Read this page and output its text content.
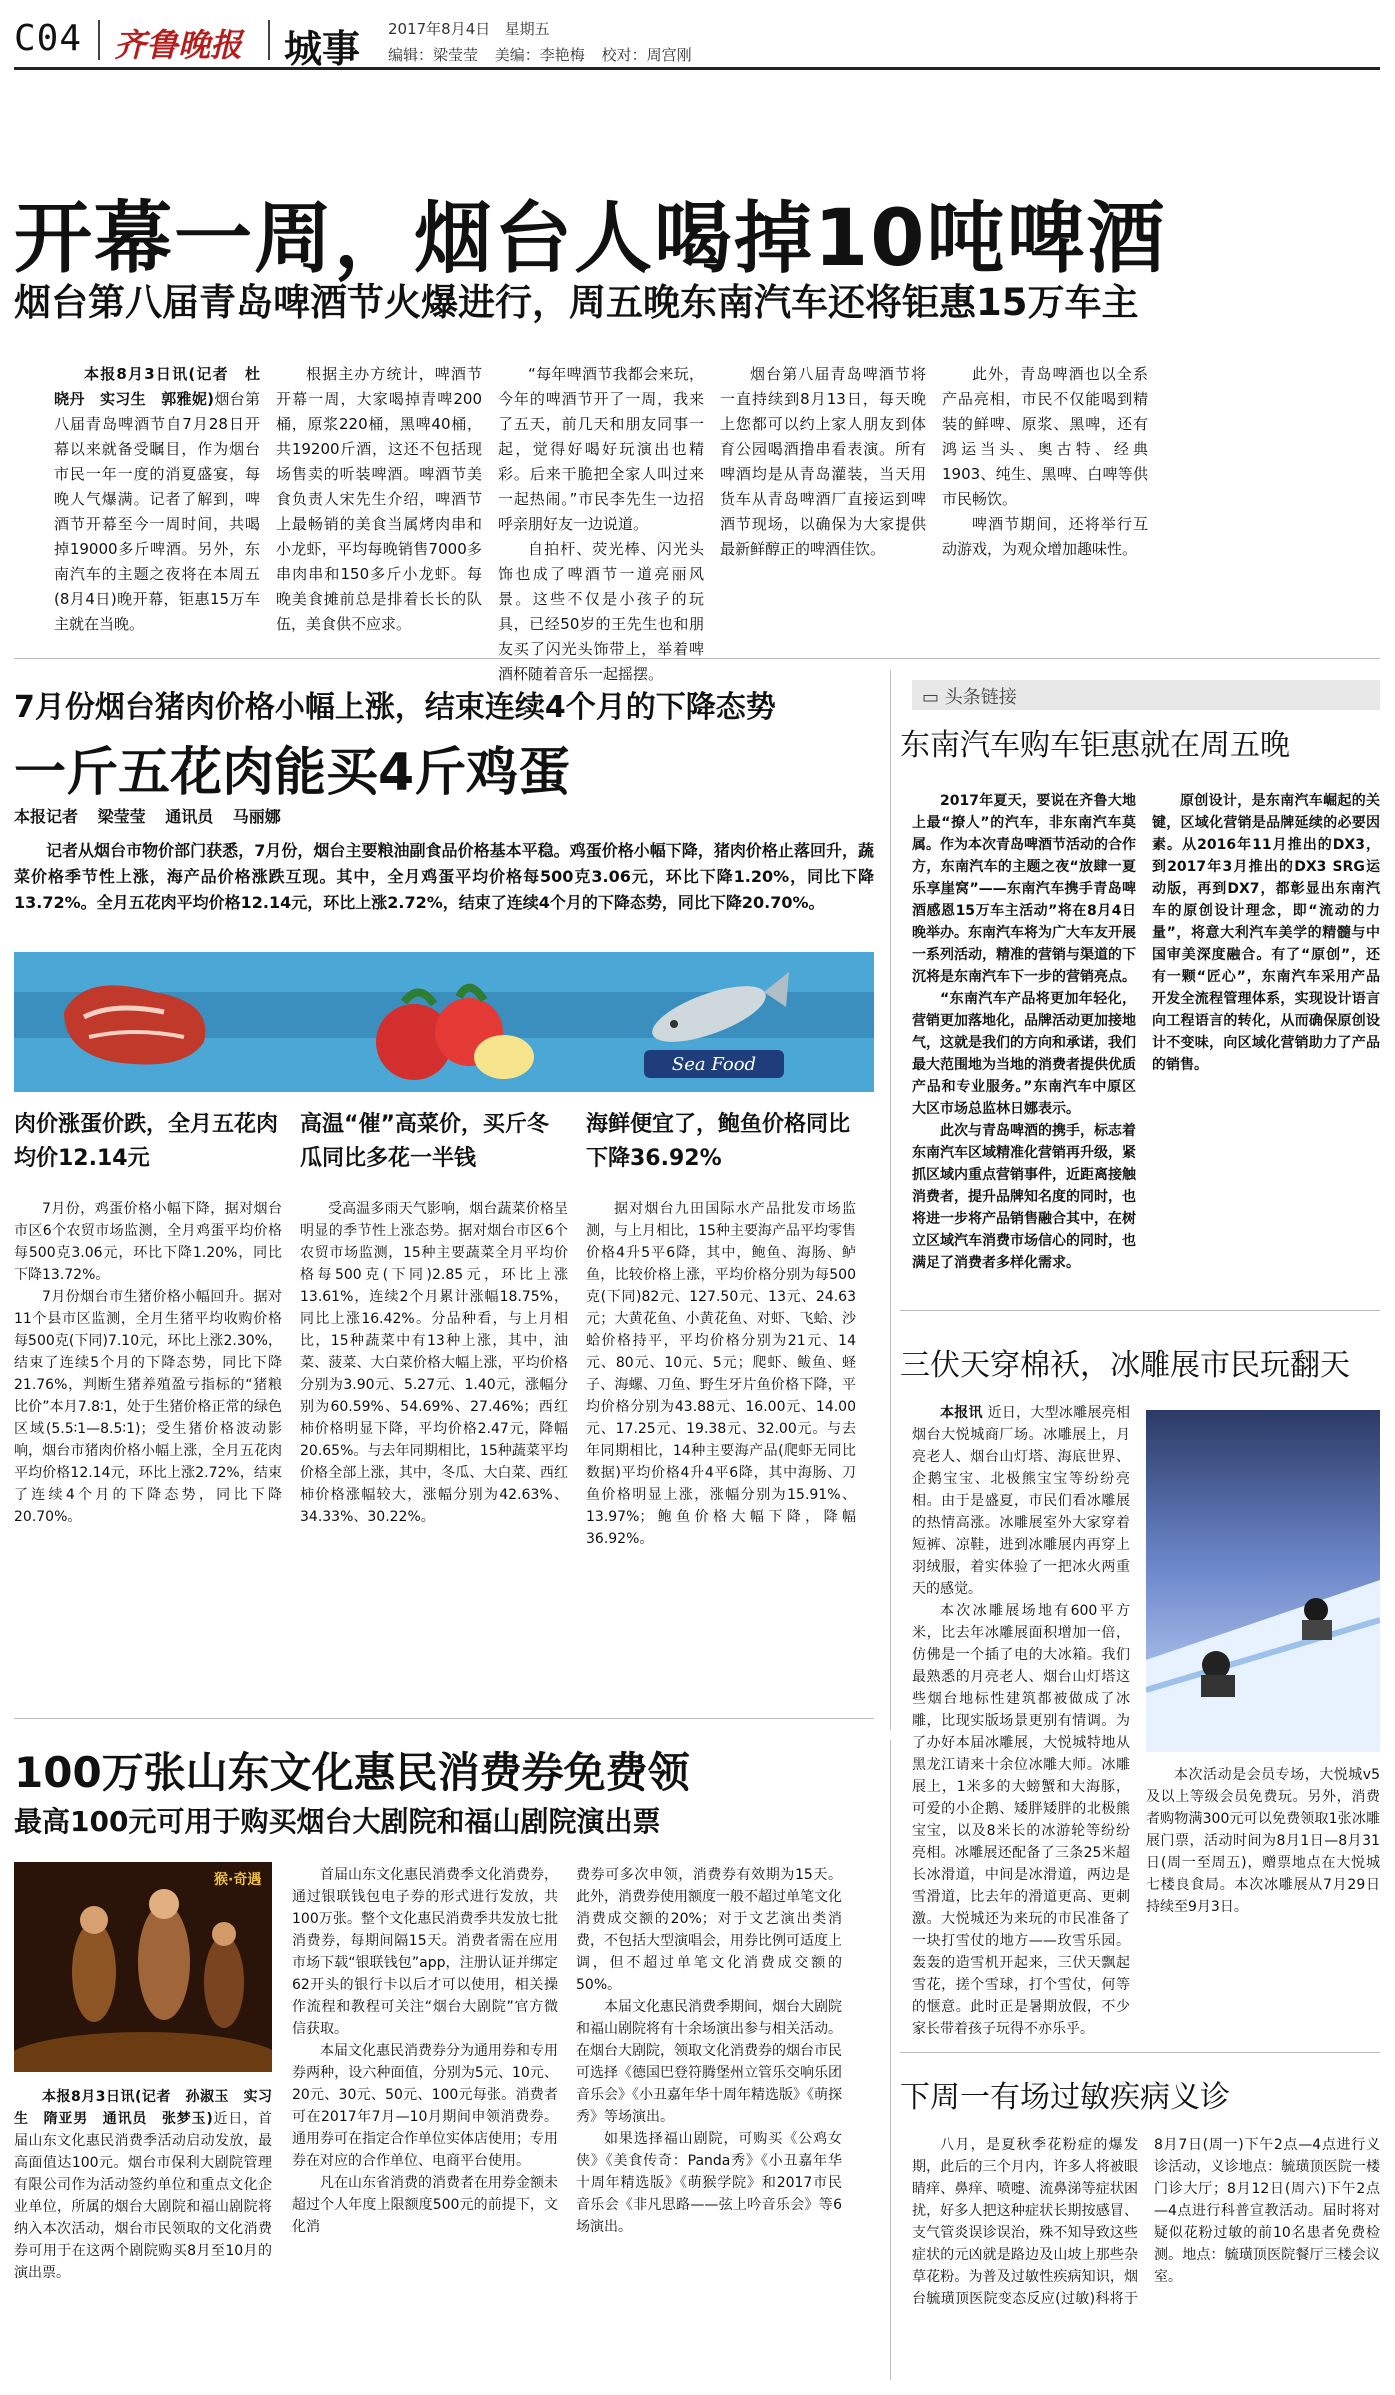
C04 齐鲁晚报 城事 2017年8月4日 星期五
编辑：梁莹莹 美编：李艳梅 校对：周宫刚
开幕一周，烟台人喝掉10吨啤酒
烟台第八届青岛啤酒节火爆进行，周五晚东南汽车还将钜惠15万车主

本报8月3日讯(记者　杜晓丹　实习生　郭雅妮)烟台第八届青岛啤酒节自7月28日开幕以来就备受瞩目，作为烟台市民一年一度的消夏盛宴，每晚人气爆满。记者了解到，啤酒节开幕至今一周时间，共喝掉19000多斤啤酒。另外，东南汽车的主题之夜将在本周五(8月4日)晚开幕，钜惠15万车主就在当晚。

根据主办方统计，啤酒节开幕一周，大家喝掉青啤200桶，原浆220桶，黑啤40桶，共19200斤酒，这还不包括现场售卖的听装啤酒。啤酒节美食负责人宋先生介绍，啤酒节上最畅销的美食当属烤肉串和小龙虾，平均每晚销售7000多串肉串和150多斤小龙虾。每晚美食摊前总是排着长长的队伍，美食供不应求。

“每年啤酒节我都会来玩，今年的啤酒节开了一周，我来了五天，前几天和朋友同事一起，觉得好喝好玩演出也精彩。后来干脆把全家人叫过来一起热闹。”市民李先生一边招呼亲朋好友一边说道。

自拍杆、荧光棒、闪光头饰也成了啤酒节一道亮丽风景。这些不仅是小孩子的玩具，已经50岁的王先生也和朋友买了闪光头饰带上，举着啤酒杯随着音乐一起摇摆。

烟台第八届青岛啤酒节将一直持续到8月13日，每天晚上您都可以约上家人朋友到体育公园喝酒撸串看表演。所有啤酒均是从青岛灌装，当天用货车从青岛啤酒厂直接运到啤酒节现场，以确保为大家提供最新鲜醇正的啤酒佳饮。

此外，青岛啤酒也以全系产品亮相，市民不仅能喝到精装的鲜啤、原浆、黑啤，还有鸿运当头、奥古特、经典1903、纯生、黑啤、白啤等供市民畅饮。

啤酒节期间，还将举行互动游戏，为观众增加趣味性。

7月份烟台猪肉价格小幅上涨，结束连续4个月的下降态势
一斤五花肉能买4斤鸡蛋
本报记者 梁莹莹 通讯员 马丽娜
记者从烟台市物价部门获悉，7月份，烟台主要粮油副食品价格基本平稳。鸡蛋价格小幅下降，猪肉价格止落回升，蔬菜价格季节性上涨，海产品价格涨跌互现。其中，全月鸡蛋平均价格每500克3.06元，环比下降1.20%，同比下降13.72%。全月五花肉平均价格12.14元，环比上涨2.72%，结束了连续4个月的下降态势，同比下降20.70%。
Sea Food
肉价涨蛋价跌，全月五花肉均价12.14元
高温“催”高菜价，买斤冬瓜同比多花一半钱
海鲜便宜了，鲍鱼价格同比下降36.92%

7月份，鸡蛋价格小幅下降，据对烟台市区6个农贸市场监测，全月鸡蛋平均价格每500克3.06元，环比下降1.20%，同比下降13.72%。

7月份烟台市生猪价格小幅回升。据对11个县市区监测，全月生猪平均收购价格每500克(下同)7.10元，环比上涨2.30%，结束了连续5个月的下降态势，同比下降21.76%，判断生猪养殖盈亏指标的“猪粮比价”本月7.8∶1，处于生猪价格正常的绿色区域(5.5∶1—8.5∶1)；受生猪价格波动影响，烟台市猪肉价格小幅上涨，全月五花肉平均价格12.14元，环比上涨2.72%，结束了连续4个月的下降态势，同比下降20.70%。

受高温多雨天气影响，烟台蔬菜价格呈明显的季节性上涨态势。据对烟台市区6个农贸市场监测，15种主要蔬菜全月平均价格每500克(下同)2.85元，环比上涨13.61%，连续2个月累计涨幅18.75%，同比上涨16.42%。分品种看，与上月相比，15种蔬菜中有13种上涨，其中，油菜、菠菜、大白菜价格大幅上涨，平均价格分别为3.90元、5.27元、1.40元，涨幅分别为60.59%、54.69%、27.46%；西红柿价格明显下降，平均价格2.47元，降幅20.65%。与去年同期相比，15种蔬菜平均价格全部上涨，其中，冬瓜、大白菜、西红柿价格涨幅较大，涨幅分别为42.63%、34.33%、30.22%。

据对烟台九田国际水产品批发市场监测，与上月相比，15种主要海产品平均零售价格4升5平6降，其中，鲍鱼、海肠、鲈鱼，比较价格上涨，平均价格分别为每500克(下同)82元、127.50元、13元、24.63元；大黄花鱼、小黄花鱼、对虾、飞蛤、沙蛤价格持平，平均价格分别为21元、14元、80元、10元、5元；爬虾、鲅鱼、蛏子、海螺、刀鱼、野生牙片鱼价格下降，平均价格分别为43.88元、16.00元、14.00元、17.25元、19.38元、32.00元。与去年同期相比，14种主要海产品(爬虾无同比数据)平均价格4升4平6降，其中海肠、刀鱼价格明显上涨，涨幅分别为15.91%、13.97%；鲍鱼价格大幅下降，降幅36.92%。

▭ 头条链接
东南汽车购车钜惠就在周五晚

2017年夏天，要说在齐鲁大地上最“撩人”的汽车，非东南汽车莫属。作为本次青岛啤酒节活动的合作方，东南汽车的主题之夜“放肆一夏　乐享崖窝”——东南汽车携手青岛啤酒感恩15万车主活动”将在8月4日晚举办。东南汽车将为广大车友开展一系列活动，精准的营销与渠道的下沉将是东南汽车下一步的营销亮点。

“东南汽车产品将更加年轻化，营销更加落地化，品牌活动更加接地气，这就是我们的方向和承诺，我们最大范围地为当地的消费者提供优质产品和专业服务。”东南汽车中原区大区市场总监林日娜表示。

此次与青岛啤酒的携手，标志着东南汽车区域精准化营销再升级，紧抓区域内重点营销事件，近距离接触消费者，提升品牌知名度的同时，也将进一步将产品销售融合其中，在树立区域汽车消费市场信心的同时，也满足了消费者多样化需求。

原创设计，是东南汽车崛起的关键，区域化营销是品牌延续的必要因素。从2016年11月推出的DX3，到2017年3月推出的DX3 SRG运动版，再到DX7，都彰显出东南汽车的原创设计理念，即“流动的力量”，将意大利汽车美学的精髓与中国审美深度融合。有了“原创”，还有一颗“匠心”，东南汽车采用产品开发全流程管理体系，实现设计语言向工程语言的转化，从而确保原创设计不变味，向区域化营销助力了产品的销售。

三伏天穿棉袄，冰雕展市民玩翻天

本报讯 近日，大型冰雕展亮相烟台大悦城商厂场。冰雕展上，月亮老人、烟台山灯塔、海底世界、企鹅宝宝、北极熊宝宝等纷纷亮相。由于是盛夏，市民们看冰雕展的热情高涨。冰雕展室外大家穿着短裤、凉鞋，进到冰雕展内再穿上羽绒服，着实体验了一把冰火两重天的感觉。

本次冰雕展场地有600平方米，比去年冰雕展面积增加一倍，仿佛是一个插了电的大冰箱。我们最熟悉的月亮老人、烟台山灯塔这些烟台地标性建筑都被做成了冰雕，比现实版场景更别有情调。为了办好本届冰雕展，大悦城特地从黑龙江请来十余位冰雕大师。冰雕展上，1米多的大螃蟹和大海豚，可爱的小企鹅、矮胖矮胖的北极熊宝宝，以及8米长的冰游轮等纷纷亮相。冰雕展还配备了三条25米超长冰滑道，中间是冰滑道，两边是雪滑道，比去年的滑道更高、更刺激。大悦城还为来玩的市民准备了一块打雪仗的地方——玫雪乐园。轰轰的造雪机开起来，三伏天飘起雪花，搓个雪球，打个雪仗，何等的惬意。此时正是暑期放假，不少家长带着孩子玩得不亦乐乎。

本次活动是会员专场，大悦城v5及以上等级会员免费玩。另外，消费者购物满300元可以免费领取1张冰雕展门票，活动时间为8月1日—8月31日(周一至周五)，赠票地点在大悦城七楼良食局。本次冰雕展从7月29日持续至9月3日。

下周一有场过敏疾病义诊

八月，是夏秋季花粉症的爆发期，此后的三个月内，许多人将被眼睛痒、鼻痒、喷嚏、流鼻涕等症状困扰，好多人把这种症状长期按感冒、支气管炎误诊误治，殊不知导致这些症状的元凶就是路边及山坡上那些杂草花粉。为普及过敏性疾病知识，烟台毓璜顶医院变态反应(过敏)科将于8月7日(周一)下午2点—4点进行义诊活动，义诊地点：毓璜顶医院一楼门诊大厅；8月12日(周六)下午2点—4点进行科普宣教活动。届时将对疑似花粉过敏的前10名患者免费检测。地点：毓璜顶医院餐厅三楼会议室。

100万张山东文化惠民消费券免费领
最高100元可用于购买烟台大剧院和福山剧院演出票
猴·奇遇

本报8月3日讯(记者　孙淑玉　实习生　隋亚男　通讯员　张梦玉)近日，首届山东文化惠民消费季活动启动发放，最高面值达100元。烟台市保利大剧院管理有限公司作为活动签约单位和重点文化企业单位，所属的烟台大剧院和福山剧院将纳入本次活动，烟台市民领取的文化消费券可用于在这两个剧院购买8月至10月的演出票。

首届山东文化惠民消费季文化消费券，通过银联钱包电子券的形式进行发放，共100万张。整个文化惠民消费季共发放七批消费券，每期间隔15天。消费者需在应用市场下载“银联钱包”app，注册认证并绑定62开头的银行卡以后才可以使用，相关操作流程和教程可关注“烟台大剧院”官方微信获取。

本届文化惠民消费券分为通用券和专用券两种，设六种面值，分别为5元、10元、20元、30元、50元、100元每张。消费者可在2017年7月—10月期间申领消费券。通用券可在指定合作单位实体店使用；专用券在对应的合作单位、电商平台使用。

凡在山东省消费的消费者在用券金额未超过个人年度上限额度500元的前提下，文化消

费券可多次申领，消费券有效期为15天。此外，消费券使用额度一般不超过单笔文化消费成交额的20%；对于文艺演出类消费，不包括大型演唱会，用券比例可适度上调，但不超过单笔文化消费成交额的50%。

本届文化惠民消费季期间，烟台大剧院和福山剧院将有十余场演出参与相关活动。在烟台大剧院，领取文化消费券的烟台市民可选择《德国巴登符腾堡州立管乐交响乐团音乐会》《小丑嘉年华十周年精选版》《萌探秀》等场演出。

如果选择福山剧院，可购买《公鸡女侠》《美食传奇：Panda秀》《小丑嘉年华十周年精选版》《萌猴学院》和2017市民音乐会《非凡思路——弦上吟音乐会》等6场演出。
